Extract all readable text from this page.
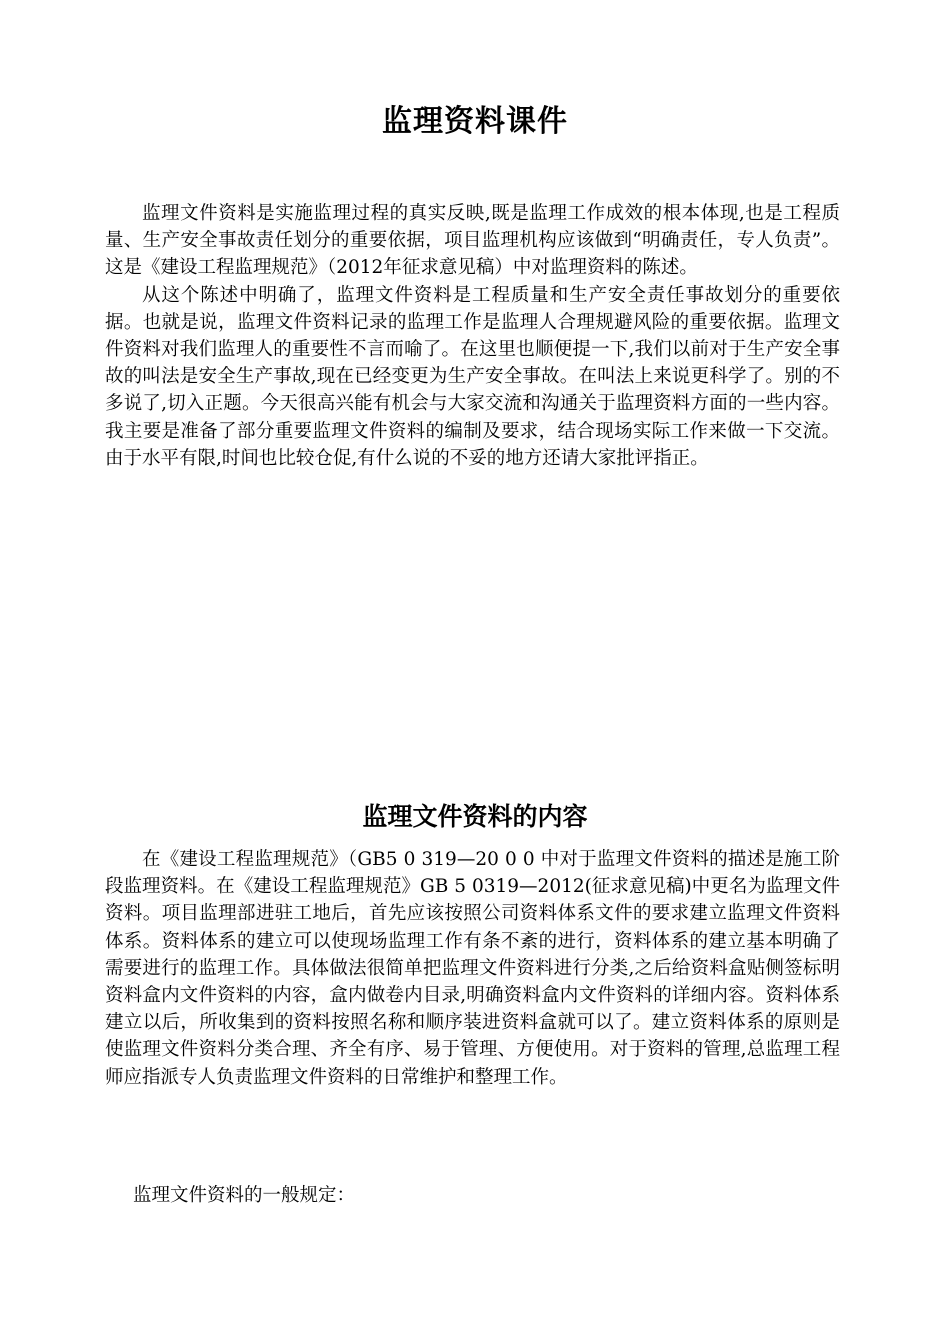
监理资料课件

监理文件资料是实施监理过程的真实反映,既是监理工作成效的根本体现,也是工程质量、生产安全事故责任划分的重要依据，项目监理机构应该做到“明确责任，专人负责”。这是《建设工程监理规范》（2012年征求意见稿）中对监理资料的陈述。

从这个陈述中明确了，监理文件资料是工程质量和生产安全责任事故划分的重要依据。也就是说，监理文件资料记录的监理工作是监理人合理规避风险的重要依据。监理文件资料对我们监理人的重要性不言而喻了。在这里也顺便提一下,我们以前对于生产安全事故的叫法是安全生产事故,现在已经变更为生产安全事故。在叫法上来说更科学了。别的不多说了,切入正题。今天很高兴能有机会与大家交流和沟通关于监理资料方面的一些内容。我主要是准备了部分重要监理文件资料的编制及要求，结合现场实际工作来做一下交流。由于水平有限,时间也比较仓促,有什么说的不妥的地方还请大家批评指正。

监理文件资料的内容

在《建设工程监理规范》（GB5 0 319—20 0 0 中对于监理文件资料的描述是施工阶段监理资料。在《建设工程监理规范》GB 5 0319—2012(征求意见稿)中更名为监理文件资料。项目监理部进驻工地后，首先应该按照公司资料体系文件的要求建立监理文件资料体系。资料体系的建立可以使现场监理工作有条不紊的进行，资料体系的建立基本明确了需要进行的监理工作。具体做法很简单把监理文件资料进行分类,之后给资料盒贴侧签标明资料盒内文件资料的内容，盒内做卷内目录,明确资料盒内文件资料的详细内容。资料体系建立以后，所收集到的资料按照名称和顺序装进资料盒就可以了。建立资料体系的原则是使监理文件资料分类合理、齐全有序、易于管理、方便使用。对于资料的管理,总监理工程师应指派专人负责监理文件资料的日常维护和整理工作。

监理文件资料的一般规定：
